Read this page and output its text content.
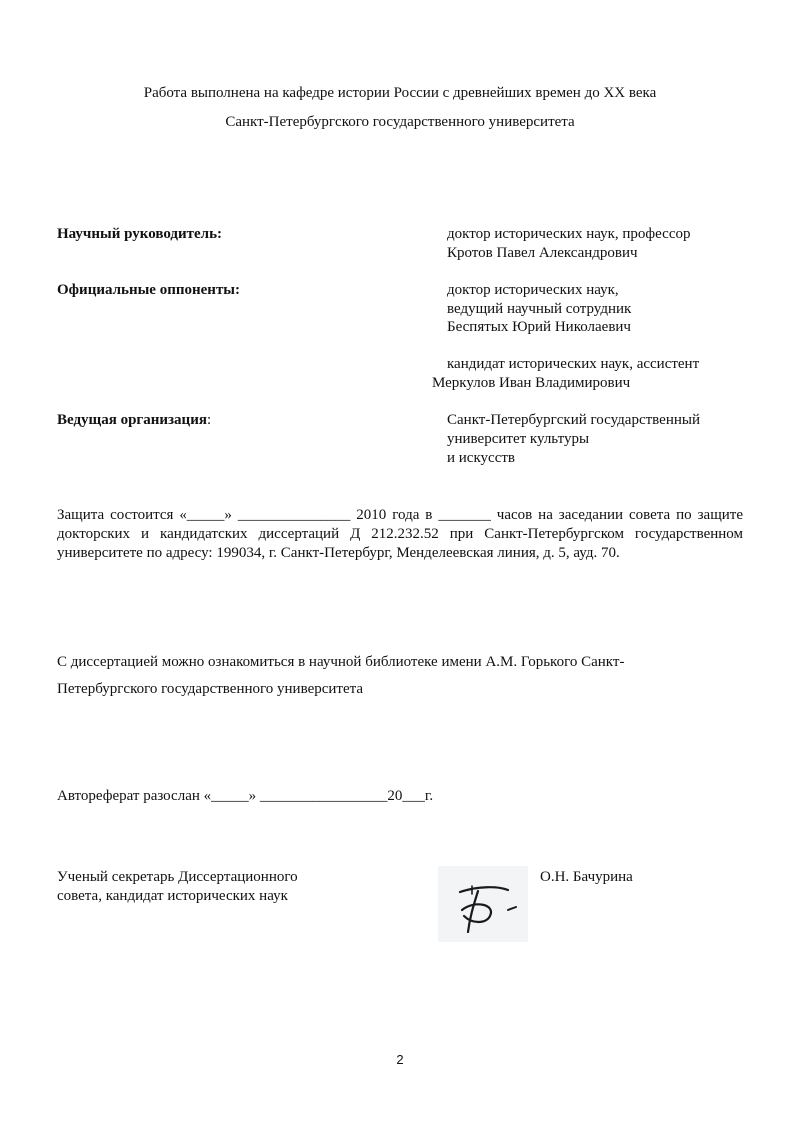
Работа выполнена на кафедре истории России с древнейших времен до XX века
Санкт-Петербургского государственного университета
Научный руководитель:	доктор исторических наук, профессор
Кротов Павел Александрович
Официальные оппоненты:	доктор исторических наук,
ведущий научный сотрудник
Беспятых Юрий Николаевич
кандидат исторических наук, ассистент
Меркулов Иван Владимирович
Ведущая организация:	Санкт-Петербургский государственный
университет культуры
и искусств
Защита состоится «_____» _______________ 2010 года в _______ часов на заседании совета по защите докторских и кандидатских диссертаций Д 212.232.52 при Санкт-Петербургском государственном университете по адресу: 199034, г. Санкт-Петербург, Менделеевская линия, д. 5, ауд. 70.
С диссертацией можно ознакомиться в научной библиотеке имени А.М. Горького Санкт-
Петербургского государственного университета
Автореферат разослан «_____» _________________20___г.
Ученый секретарь Диссертационного
совета, кандидат исторических наук
О.Н. Бачурина
2
